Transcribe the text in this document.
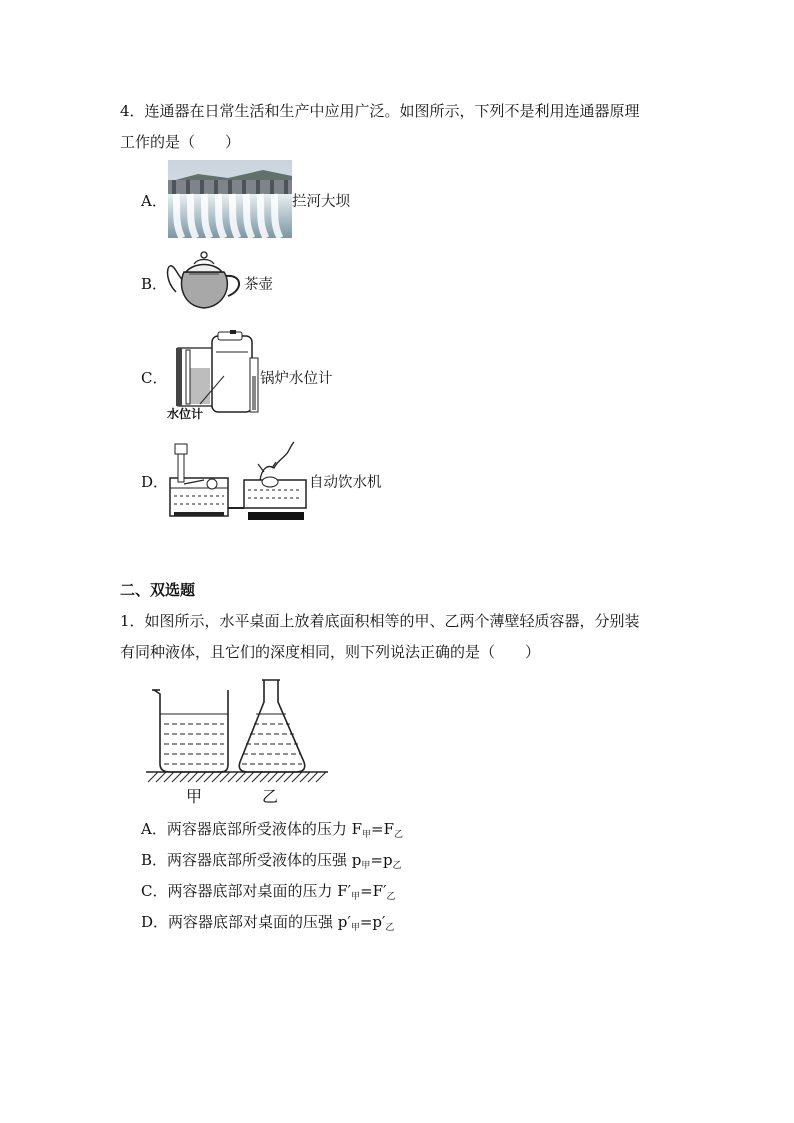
4．连通器在日常生活和生产中应用广泛。如图所示，下列不是利用连通器原理
工作的是（　　）
A．	拦河大坝
B．	茶壶
C．
水位计
锅炉水位计
D．	自动饮水机
二、双选题
1．如图所示，水平桌面上放着底面积相等的甲、乙两个薄壁轻质容器，分别装
有同种液体，且它们的深度相同，则下列说法正确的是（　　）
甲	乙
A．两容器底部所受液体的压力 $F_甲=F_乙$
B．两容器底部所受液体的压强 $p_甲=p_乙$
C．两容器底部对桌面的压力 $F'_甲=F'_乙$
D．两容器底部对桌面的压强 $p'_甲=p'_乙$
